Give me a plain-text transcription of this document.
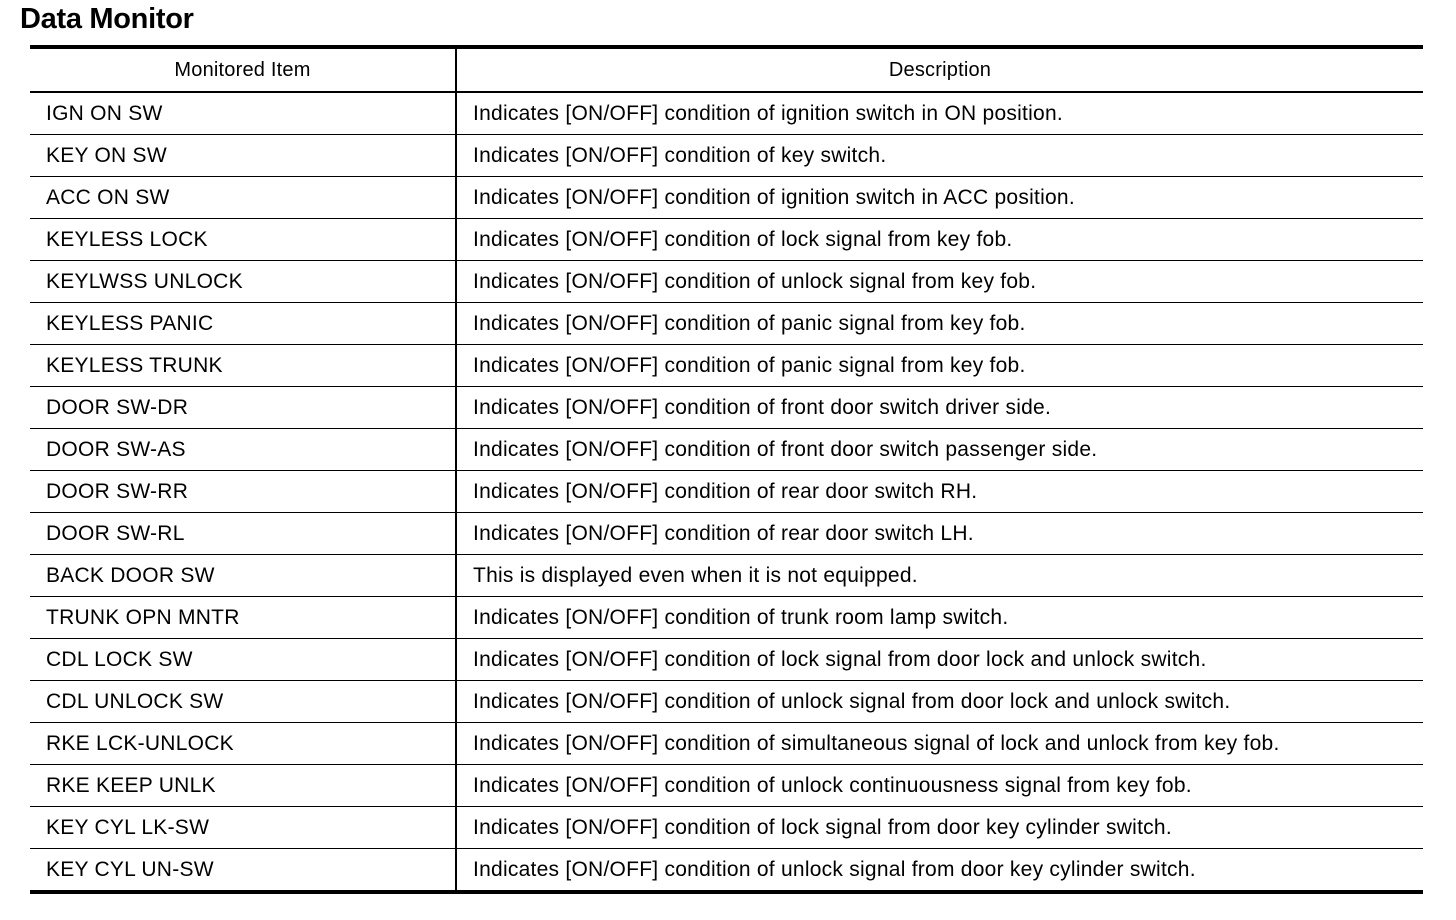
Data Monitor
Monitored Item	Description
IGN ON SW	Indicates [ON/OFF] condition of ignition switch in ON position.
KEY ON SW	Indicates [ON/OFF] condition of key switch.
ACC ON SW	Indicates [ON/OFF] condition of ignition switch in ACC position.
KEYLESS LOCK	Indicates [ON/OFF] condition of lock signal from key fob.
KEYLWSS UNLOCK	Indicates [ON/OFF] condition of unlock signal from key fob.
KEYLESS PANIC	Indicates [ON/OFF] condition of panic signal from key fob.
KEYLESS TRUNK	Indicates [ON/OFF] condition of panic signal from key fob.
DOOR SW-DR	Indicates [ON/OFF] condition of front door switch driver side.
DOOR SW-AS	Indicates [ON/OFF] condition of front door switch passenger side.
DOOR SW-RR	Indicates [ON/OFF] condition of rear door switch RH.
DOOR SW-RL	Indicates [ON/OFF] condition of rear door switch LH.
BACK DOOR SW	This is displayed even when it is not equipped.
TRUNK OPN MNTR	Indicates [ON/OFF] condition of trunk room lamp switch.
CDL LOCK SW	Indicates [ON/OFF] condition of lock signal from door lock and unlock switch.
CDL UNLOCK SW	Indicates [ON/OFF] condition of unlock signal from door lock and unlock switch.
RKE LCK-UNLOCK	Indicates [ON/OFF] condition of simultaneous signal of lock and unlock from key fob.
RKE KEEP UNLK	Indicates [ON/OFF] condition of unlock continuousness signal from key fob.
KEY CYL LK-SW	Indicates [ON/OFF] condition of lock signal from door key cylinder switch.
KEY CYL UN-SW	Indicates [ON/OFF] condition of unlock signal from door key cylinder switch.
